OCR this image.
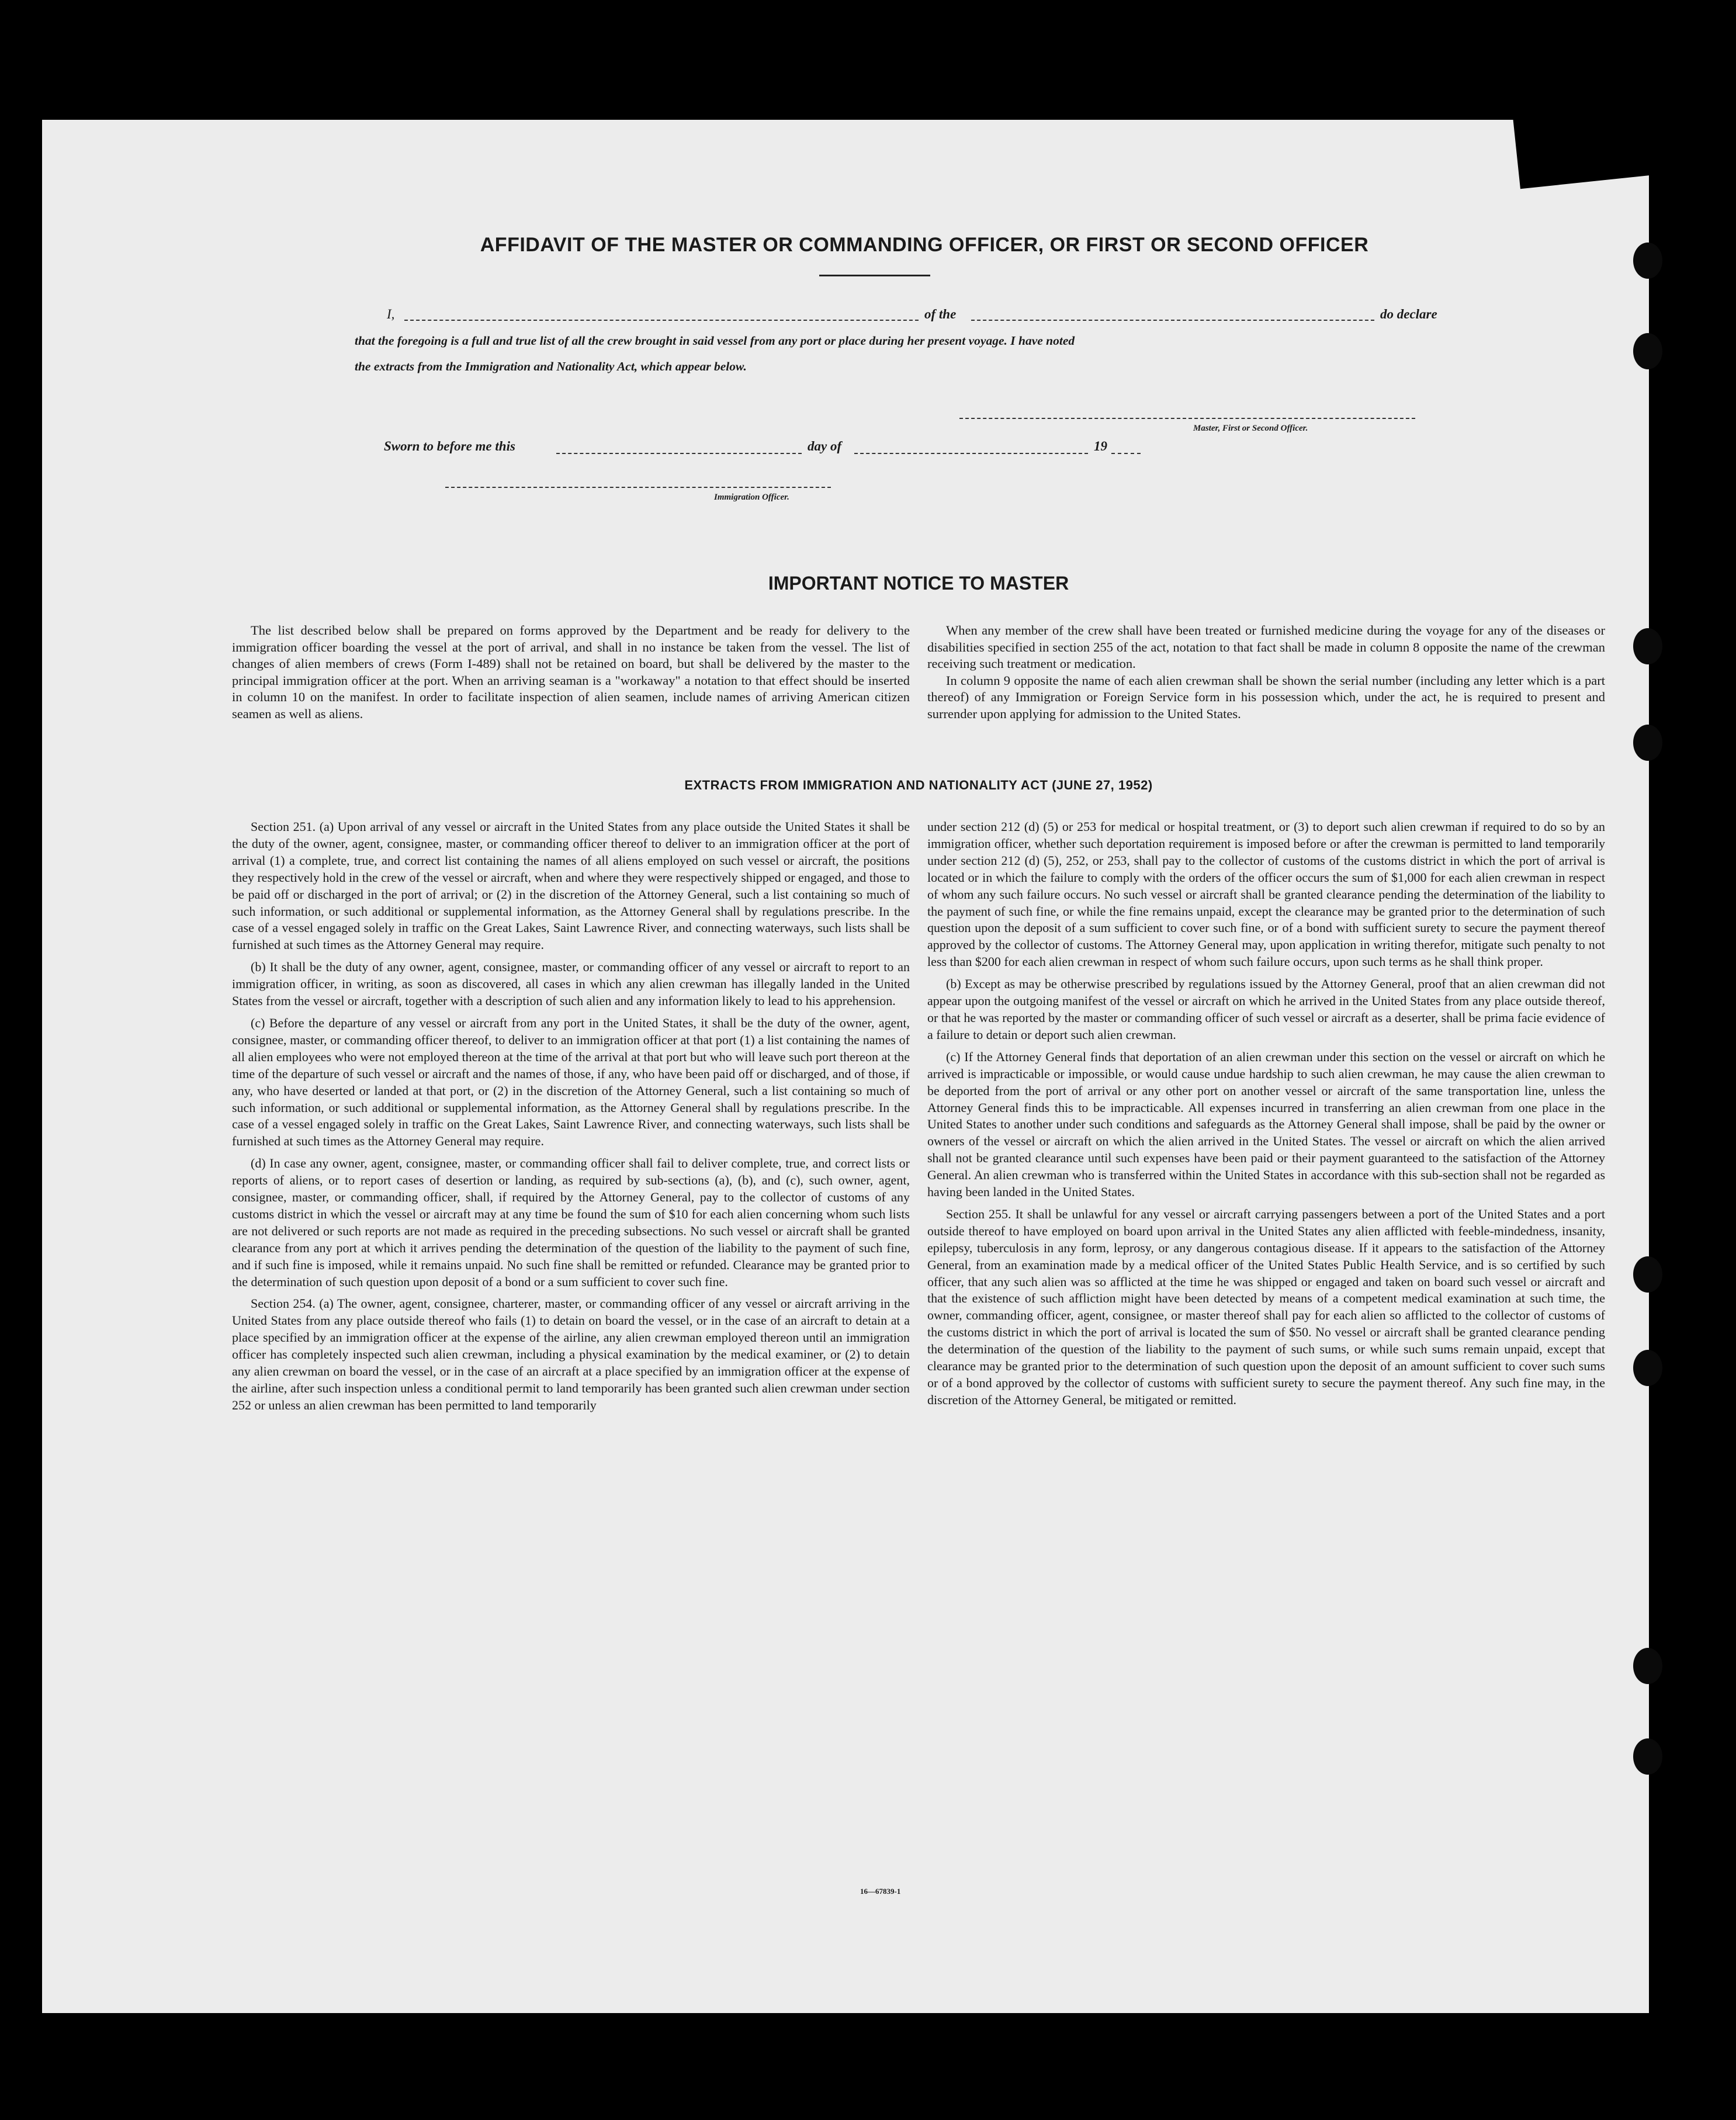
AFFIDAVIT OF THE MASTER OR COMMANDING OFFICER, OR FIRST OR SECOND OFFICER
I,	of the	do declare
that the foregoing is a full and true list of all the crew brought in said vessel from any port or place during her present voyage. I have noted
the extracts from the Immigration and Nationality Act, which appear below.
Master, First or Second Officer.
Sworn to before me this	day of	19
Immigration Officer.
IMPORTANT NOTICE TO MASTER

The list described below shall be prepared on forms approved by the Department and be ready for delivery to the immigration officer boarding the vessel at the port of arrival, and shall in no instance be taken from the vessel. The list of changes of alien members of crews (Form I-489) shall not be retained on board, but shall be delivered by the master to the principal immigration officer at the port. When an arriving seaman is a "workaway" a notation to that effect should be inserted in column 10 on the manifest. In order to facilitate inspection of alien seamen, include names of arriving American citizen seamen as well as aliens.

When any member of the crew shall have been treated or furnished medicine during the voyage for any of the diseases or disabilities specified in section 255 of the act, notation to that fact shall be made in column 8 opposite the name of the crewman receiving such treatment or medication.

In column 9 opposite the name of each alien crewman shall be shown the serial number (including any letter which is a part thereof) of any Immigration or Foreign Service form in his possession which, under the act, he is required to present and surrender upon applying for admission to the United States.

EXTRACTS FROM IMMIGRATION AND NATIONALITY ACT (JUNE 27, 1952)

Section 251. (a) Upon arrival of any vessel or aircraft in the United States from any place outside the United States it shall be the duty of the owner, agent, consignee, master, or commanding officer thereof to deliver to an immigration officer at the port of arrival (1) a complete, true, and correct list containing the names of all aliens employed on such vessel or aircraft, the positions they respectively hold in the crew of the vessel or aircraft, when and where they were respectively shipped or engaged, and those to be paid off or discharged in the port of arrival; or (2) in the discretion of the Attorney General, such a list containing so much of such information, or such additional or supplemental information, as the Attorney General shall by regulations prescribe. In the case of a vessel engaged solely in traffic on the Great Lakes, Saint Lawrence River, and connecting waterways, such lists shall be furnished at such times as the Attorney General may require.

(b) It shall be the duty of any owner, agent, consignee, master, or commanding officer of any vessel or aircraft to report to an immigration officer, in writing, as soon as discovered, all cases in which any alien crewman has illegally landed in the United States from the vessel or aircraft, together with a description of such alien and any information likely to lead to his apprehension.

(c) Before the departure of any vessel or aircraft from any port in the United States, it shall be the duty of the owner, agent, consignee, master, or commanding officer thereof, to deliver to an immigration officer at that port (1) a list containing the names of all alien employees who were not employed thereon at the time of the arrival at that port but who will leave such port thereon at the time of the departure of such vessel or aircraft and the names of those, if any, who have been paid off or discharged, and of those, if any, who have deserted or landed at that port, or (2) in the discretion of the Attorney General, such a list containing so much of such information, or such additional or supplemental information, as the Attorney General shall by regulations prescribe. In the case of a vessel engaged solely in traffic on the Great Lakes, Saint Lawrence River, and connecting waterways, such lists shall be furnished at such times as the Attorney General may require.

(d) In case any owner, agent, consignee, master, or commanding officer shall fail to deliver complete, true, and correct lists or reports of aliens, or to report cases of desertion or landing, as required by sub-sections (a), (b), and (c), such owner, agent, consignee, master, or commanding officer, shall, if required by the Attorney General, pay to the collector of customs of any customs district in which the vessel or aircraft may at any time be found the sum of $10 for each alien concerning whom such lists are not delivered or such reports are not made as required in the preceding subsections. No such vessel or aircraft shall be granted clearance from any port at which it arrives pending the determination of the question of the liability to the payment of such fine, and if such fine is imposed, while it remains unpaid. No such fine shall be remitted or refunded. Clearance may be granted prior to the determination of such question upon deposit of a bond or a sum sufficient to cover such fine.

Section 254. (a) The owner, agent, consignee, charterer, master, or commanding officer of any vessel or aircraft arriving in the United States from any place outside thereof who fails (1) to detain on board the vessel, or in the case of an aircraft to detain at a place specified by an immigration officer at the expense of the airline, any alien crewman employed thereon until an immigration officer has completely inspected such alien crewman, including a physical examination by the medical examiner, or (2) to detain any alien crewman on board the vessel, or in the case of an aircraft at a place specified by an immigration officer at the expense of the airline, after such inspection unless a conditional permit to land temporarily has been granted such alien crewman under section 252 or unless an alien crewman has been permitted to land temporarily

under section 212 (d) (5) or 253 for medical or hospital treatment, or (3) to deport such alien crewman if required to do so by an immigration officer, whether such deportation requirement is imposed before or after the crewman is permitted to land temporarily under section 212 (d) (5), 252, or 253, shall pay to the collector of customs of the customs district in which the port of arrival is located or in which the failure to comply with the orders of the officer occurs the sum of $1,000 for each alien crewman in respect of whom any such failure occurs. No such vessel or aircraft shall be granted clearance pending the determination of the liability to the payment of such fine, or while the fine remains unpaid, except the clearance may be granted prior to the determination of such question upon the deposit of a sum sufficient to cover such fine, or of a bond with sufficient surety to secure the payment thereof approved by the collector of customs. The Attorney General may, upon application in writing therefor, mitigate such penalty to not less than $200 for each alien crewman in respect of whom such failure occurs, upon such terms as he shall think proper.

(b) Except as may be otherwise prescribed by regulations issued by the Attorney General, proof that an alien crewman did not appear upon the outgoing manifest of the vessel or aircraft on which he arrived in the United States from any place outside thereof, or that he was reported by the master or commanding officer of such vessel or aircraft as a deserter, shall be prima facie evidence of a failure to detain or deport such alien crewman.

(c) If the Attorney General finds that deportation of an alien crewman under this section on the vessel or aircraft on which he arrived is impracticable or impossible, or would cause undue hardship to such alien crewman, he may cause the alien crewman to be deported from the port of arrival or any other port on another vessel or aircraft of the same transportation line, unless the Attorney General finds this to be impracticable. All expenses incurred in transferring an alien crewman from one place in the United States to another under such conditions and safeguards as the Attorney General shall impose, shall be paid by the owner or owners of the vessel or aircraft on which the alien arrived in the United States. The vessel or aircraft on which the alien arrived shall not be granted clearance until such expenses have been paid or their payment guaranteed to the satisfaction of the Attorney General. An alien crewman who is transferred within the United States in accordance with this sub-section shall not be regarded as having been landed in the United States.

Section 255. It shall be unlawful for any vessel or aircraft carrying passengers between a port of the United States and a port outside thereof to have employed on board upon arrival in the United States any alien afflicted with feeble-mindedness, insanity, epilepsy, tuberculosis in any form, leprosy, or any dangerous contagious disease. If it appears to the satisfaction of the Attorney General, from an examination made by a medical officer of the United States Public Health Service, and is so certified by such officer, that any such alien was so afflicted at the time he was shipped or engaged and taken on board such vessel or aircraft and that the existence of such affliction might have been detected by means of a competent medical examination at such time, the owner, commanding officer, agent, consignee, or master thereof shall pay for each alien so afflicted to the collector of customs of the customs district in which the port of arrival is located the sum of $50. No vessel or aircraft shall be granted clearance pending the determination of the question of the liability to the payment of such sums, or while such sums remain unpaid, except that clearance may be granted prior to the determination of such question upon the deposit of an amount sufficient to cover such sums or of a bond approved by the collector of customs with sufficient surety to secure the payment thereof. Any such fine may, in the discretion of the Attorney General, be mitigated or remitted.

16—67839-1
